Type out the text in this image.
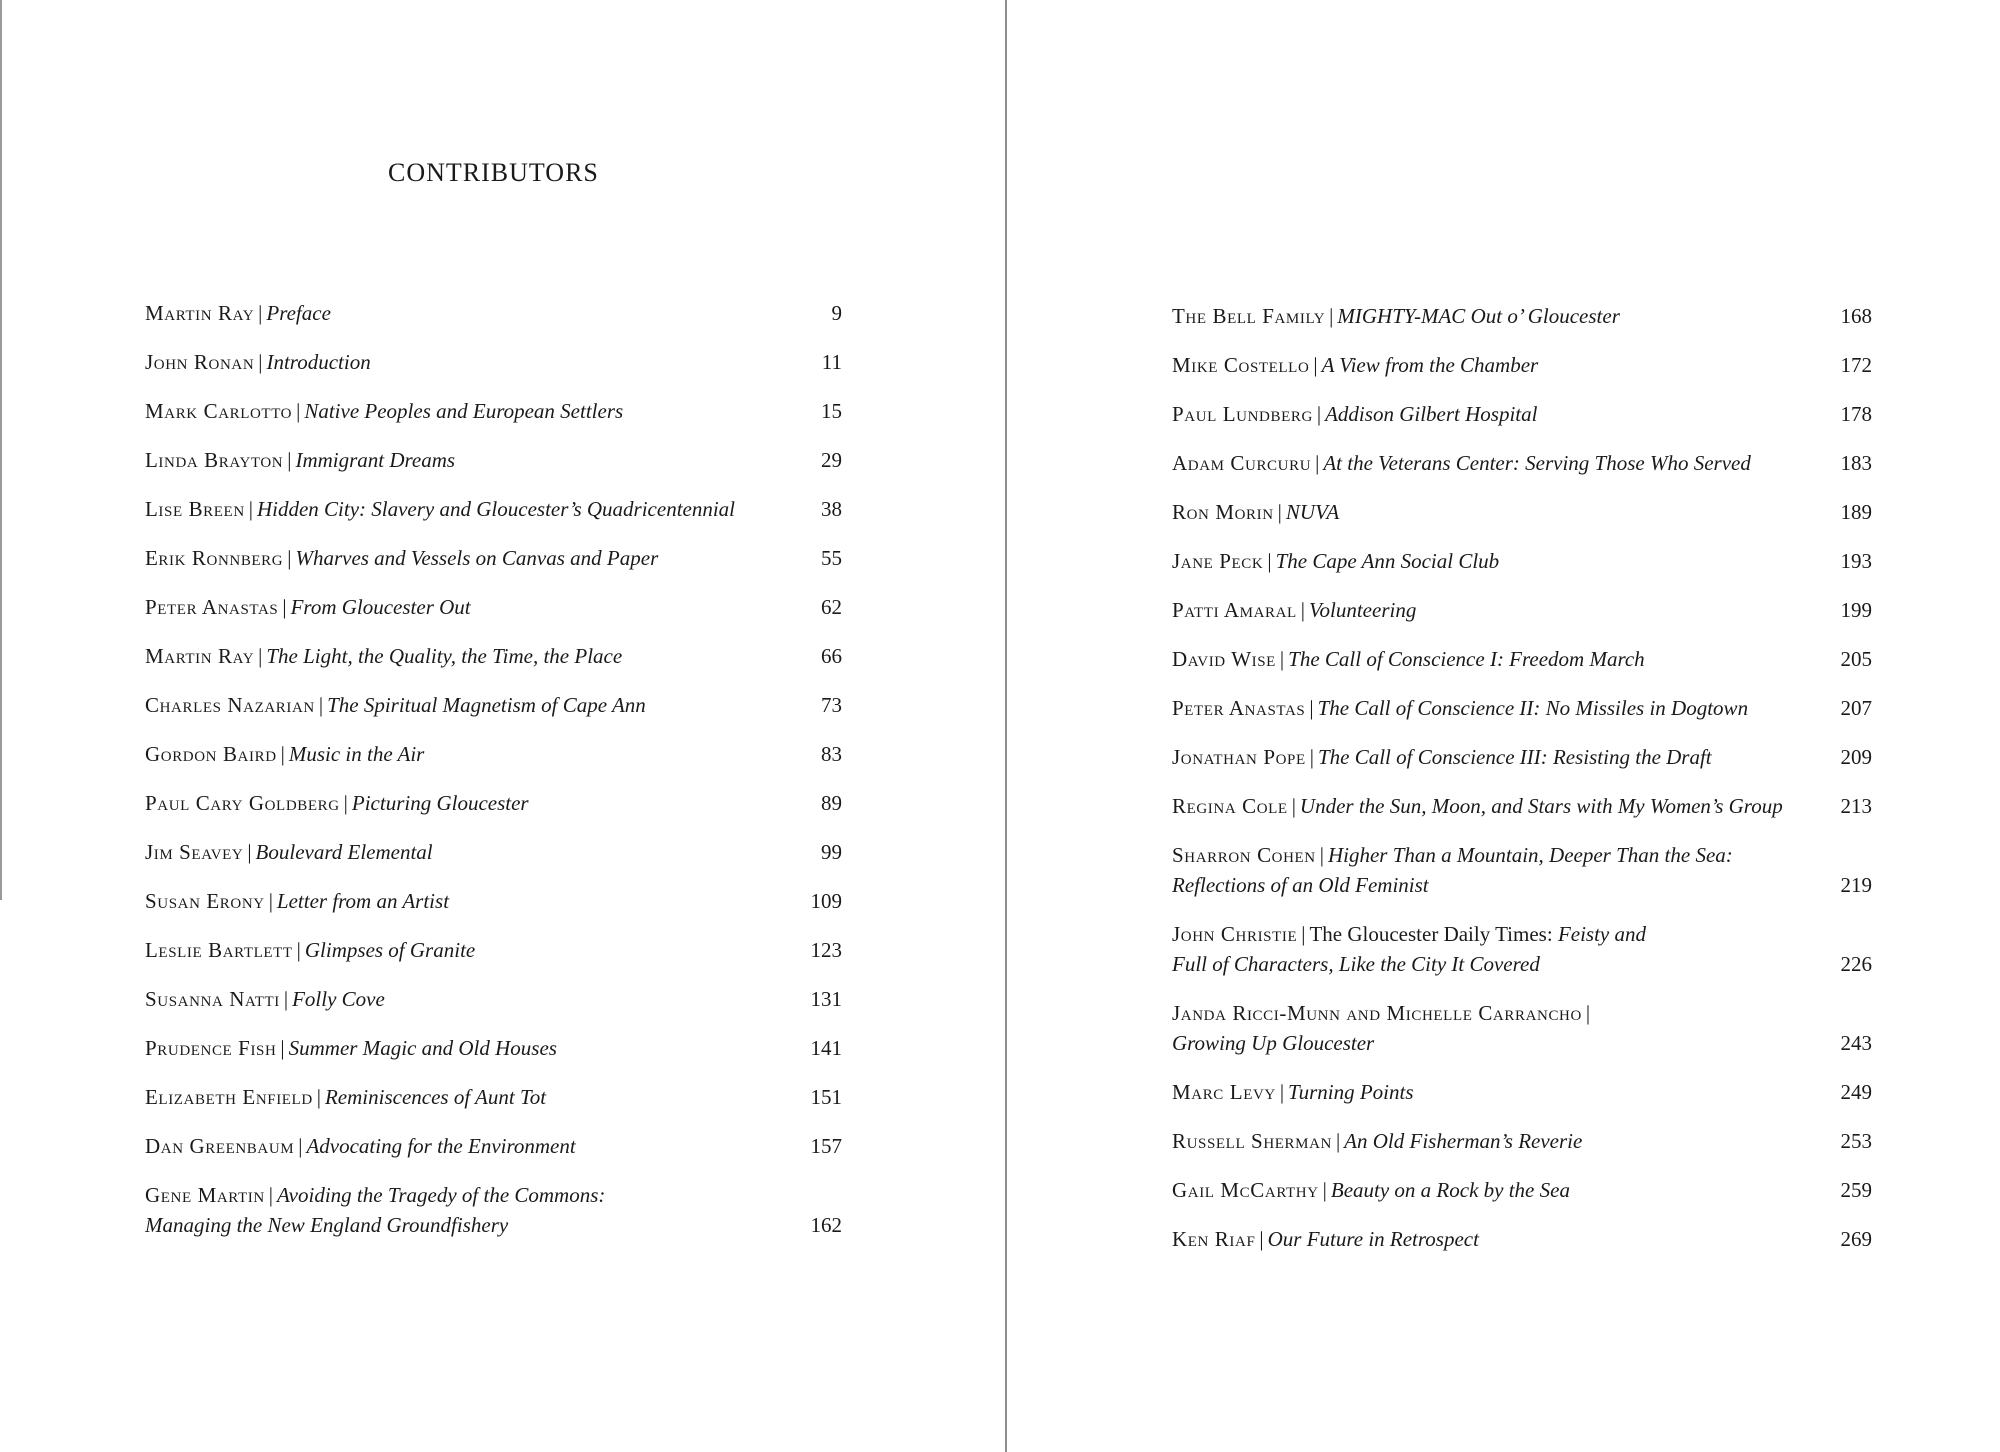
CONTRIBUTORS
Martin Ray | Preface	9
John Ronan | Introduction	11
Mark Carlotto | Native Peoples and European Settlers	15
Linda Brayton | Immigrant Dreams	29
Lise Breen | Hidden City: Slavery and Gloucester’s Quadricentennial	38
Erik Ronnberg | Wharves and Vessels on Canvas and Paper	55
Peter Anastas | From Gloucester Out	62
Martin Ray | The Light, the Quality, the Time, the Place	66
Charles Nazarian | The Spiritual Magnetism of Cape Ann	73
Gordon Baird | Music in the Air	83
Paul Cary Goldberg | Picturing Gloucester	89
Jim Seavey | Boulevard Elemental	99
Susan Erony | Letter from an Artist	109
Leslie Bartlett | Glimpses of Granite	123
Susanna Natti | Folly Cove	131
Prudence Fish | Summer Magic and Old Houses	141
Elizabeth Enfield | Reminiscences of Aunt Tot	151
Dan Greenbaum | Advocating for the Environment	157
Gene Martin | Avoiding the Tragedy of the Commons:
Managing the New England Groundfishery	162
The Bell Family | MIGHTY-MAC Out o’ Gloucester	168
Mike Costello | A View from the Chamber	172
Paul Lundberg | Addison Gilbert Hospital	178
Adam Curcuru | At the Veterans Center: Serving Those Who Served	183
Ron Morin | NUVA	189
Jane Peck | The Cape Ann Social Club	193
Patti Amaral | Volunteering	199
David Wise | The Call of Conscience I: Freedom March	205
Peter Anastas | The Call of Conscience II: No Missiles in Dogtown	207
Jonathan Pope | The Call of Conscience III: Resisting the Draft	209
Regina Cole | Under the Sun, Moon, and Stars with My Women’s Group	213
Sharron Cohen | Higher Than a Mountain, Deeper Than the Sea:
Reflections of an Old Feminist	219
John Christie | The Gloucester Daily Times: Feisty and
Full of Characters, Like the City It Covered	226
Janda Ricci-Munn and Michelle Carrancho |
Growing Up Gloucester	243
Marc Levy | Turning Points	249
Russell Sherman | An Old Fisherman’s Reverie	253
Gail McCarthy | Beauty on a Rock by the Sea	259
Ken Riaf | Our Future in Retrospect	269
